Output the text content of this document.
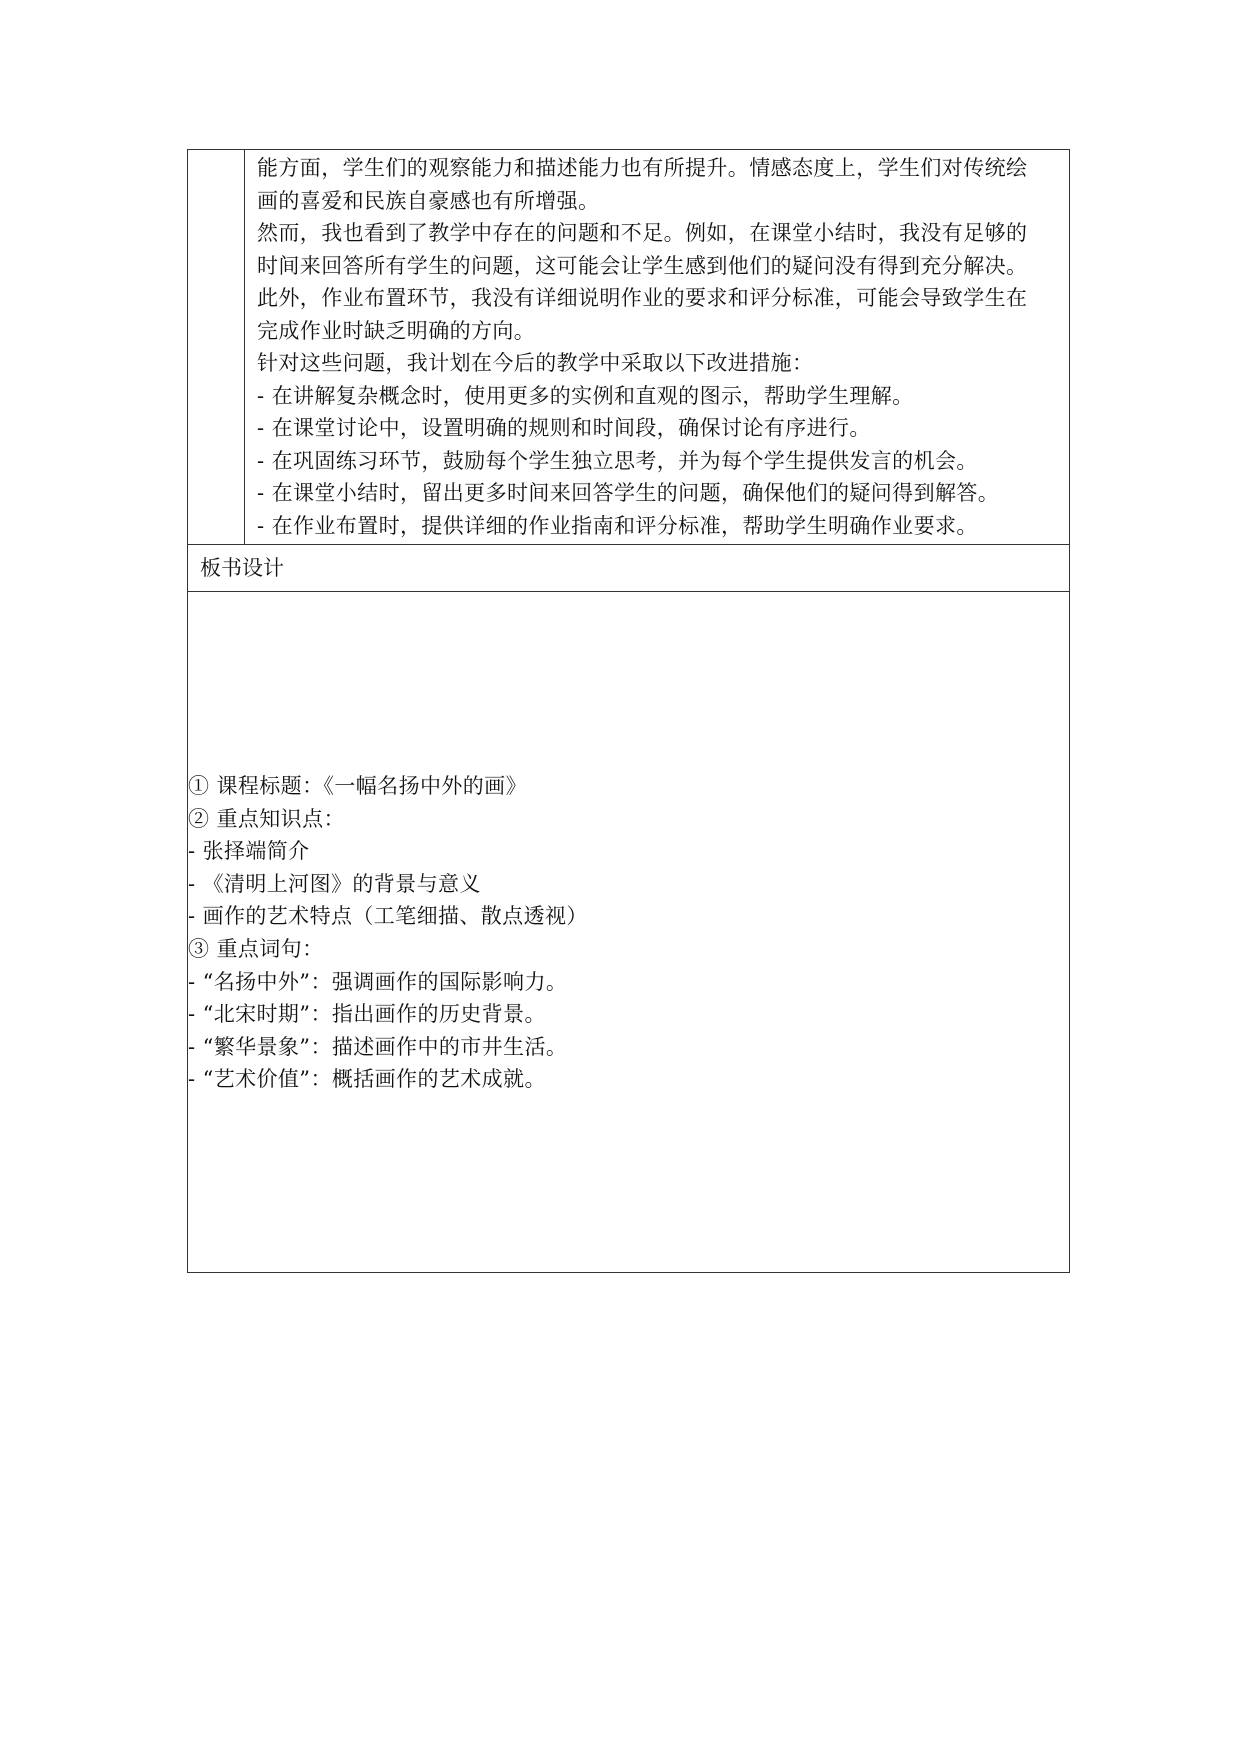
能方面，学生们的观察能力和描述能力也有所提升。情感态度上，学生们对传统绘

画的喜爱和民族自豪感也有所增强。

然而，我也看到了教学中存在的问题和不足。例如，在课堂小结时，我没有足够的

时间来回答所有学生的问题，这可能会让学生感到他们的疑问没有得到充分解决。

此外，作业布置环节，我没有详细说明作业的要求和评分标准，可能会导致学生在

完成作业时缺乏明确的方向。

针对这些问题，我计划在今后的教学中采取以下改进措施：

- 在讲解复杂概念时，使用更多的实例和直观的图示，帮助学生理解。

- 在课堂讨论中，设置明确的规则和时间段，确保讨论有序进行。

- 在巩固练习环节，鼓励每个学生独立思考，并为每个学生提供发言的机会。

- 在课堂小结时，留出更多时间来回答学生的问题，确保他们的疑问得到解答。

- 在作业布置时，提供详细的作业指南和评分标准，帮助学生明确作业要求。

板书设计

① 课程标题：《一幅名扬中外的画》

② 重点知识点：

- 张择端简介

- 《清明上河图》的背景与意义

- 画作的艺术特点（工笔细描、散点透视）

③ 重点词句：

- “名扬中外”：强调画作的国际影响力。

- “北宋时期”：指出画作的历史背景。

- “繁华景象”：描述画作中的市井生活。

- “艺术价值”：概括画作的艺术成就。
